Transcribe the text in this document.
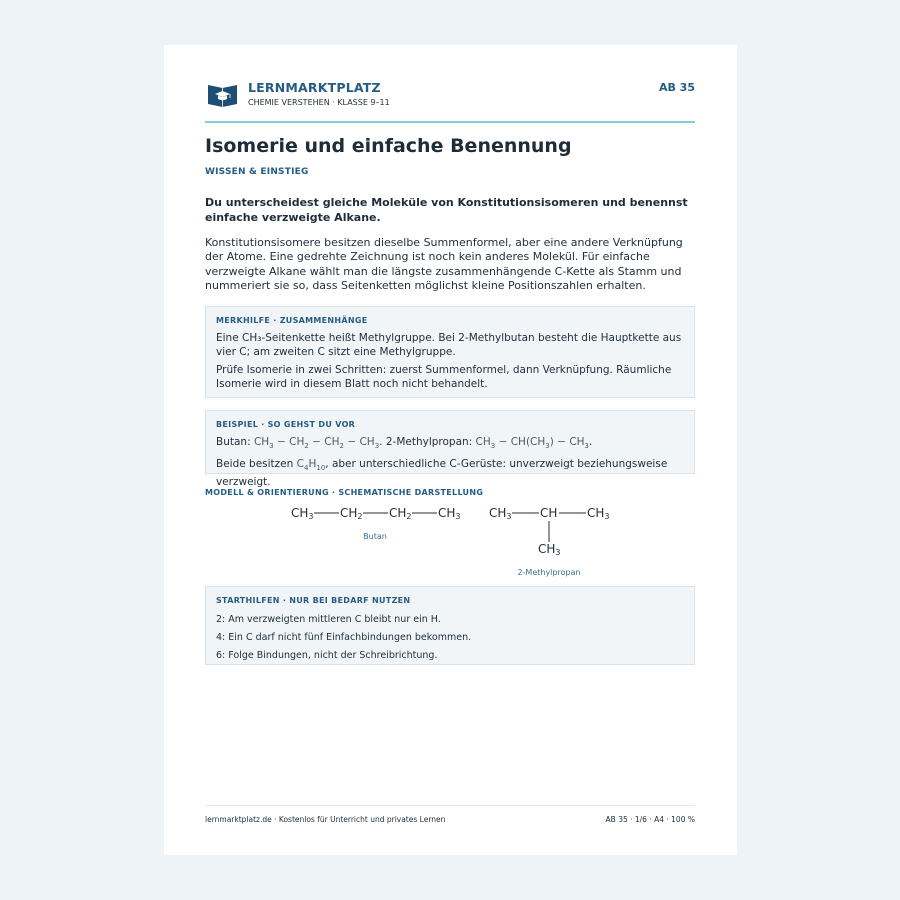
LERNMARKTPLATZ
CHEMIE VERSTEHEN · KLASSE 9–11
AB 35
Isomerie und einfache Benennung
WISSEN & EINSTIEG

Du unterscheidest gleiche Moleküle von Konstitutionsisomeren und benennst einfache verzweigte Alkane.

Konstitutionsisomere besitzen dieselbe Summenformel, aber eine andere Verknüpfung der Atome. Eine gedrehte Zeichnung ist noch kein anderes Molekül. Für einfache verzweigte Alkane wählt man die längste zusammenhängende C-Kette als Stamm und nummeriert sie so, dass Seitenketten möglichst kleine Positionszahlen erhalten.

MERKHILFE · ZUSAMMENHÄNGE

Eine CH₃-Seitenkette heißt Methylgruppe. Bei 2-Methylbutan besteht die Hauptkette aus vier C; am zweiten C sitzt eine Methylgruppe.

Prüfe Isomerie in zwei Schritten: zuerst Summenformel, dann Verknüpfung. Räumliche Isomerie wird in diesem Blatt noch nicht behandelt.

BEISPIEL · SO GEHST DU VOR

Butan: $CH_3 - CH_2 - CH_2 - CH_3$. 2-Methylpropan: $CH_3 - CH(CH_3) - CH_3$.

Beide besitzen $C_4H_{10}$, aber unterschiedliche C-Gerüste: unverzweigt beziehungsweise verzweigt.

MODELL & ORIENTIERUNG · SCHEMATISCHE DARSTELLUNG
CH3 CH2 CH2 CH3
Butan
CH3 CH CH3
CH3
2-Methylpropan
STARTHILFEN · NUR BEI BEDARF NUTZEN

2: Am verzweigten mittleren C bleibt nur ein H.

4: Ein C darf nicht fünf Einfachbindungen bekommen.

6: Folge Bindungen, nicht der Schreibrichtung.

lernmarktplatz.de · Kostenlos für Unterricht und privates Lernen	AB 35 · 1/6 · A4 · 100 %
